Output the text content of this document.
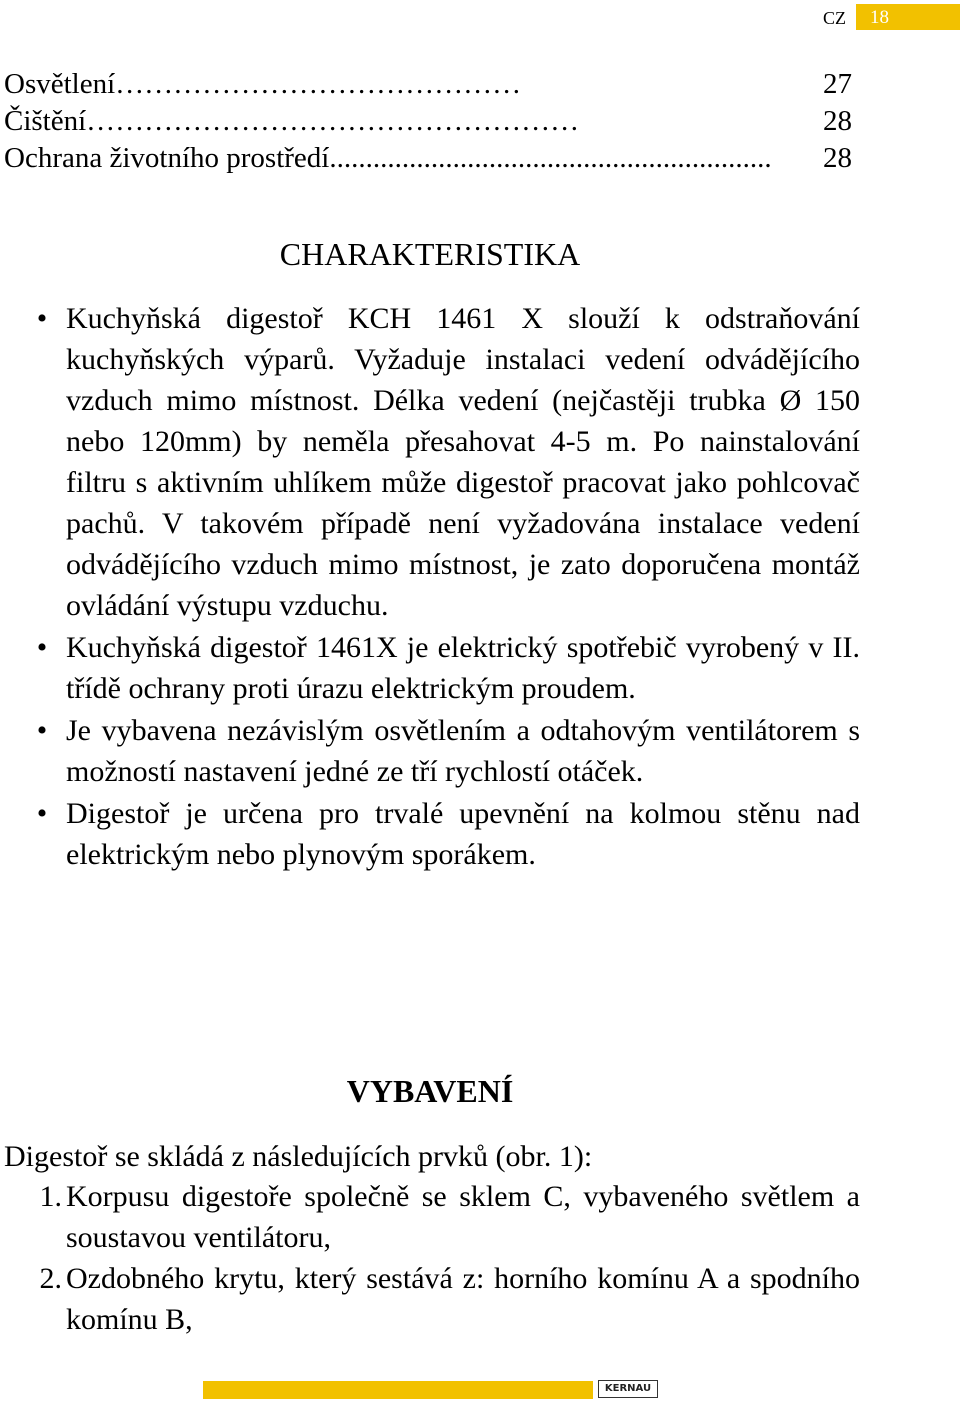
CZ	18
Osvětlení ……………………………………	27
Čištění ……………………………………………	28
Ochrana životního prostředí .............................................................	28
CHARAKTERISTIKA
• Kuchyňská digestoř KCH 1461 X slouží k odstraňování kuchyňských výparů. Vyžaduje instalaci vedení odvádějícího vzduch mimo místnost. Délka vedení (nejčastěji trubka Ø 150 nebo 120mm) by neměla přesahovat 4-5 m. Po nainstalování filtru s aktivním uhlíkem může digestoř pracovat jako pohlcovač pachů. V takovém případě není vyžadována instalace vedení odvádějícího vzduch mimo místnost, je zato doporučena montáž ovládání výstupu vzduchu.
• Kuchyňská digestoř 1461X je elektrický spotřebič vyrobený v II. třídě ochrany proti úrazu elektrickým proudem.
• Je vybavena nezávislým osvětlením a odtahovým ventilátorem s možností nastavení jedné ze tří rychlostí otáček.
• Digestoř je určena pro trvalé upevnění na kolmou stěnu nad elektrickým nebo plynovým sporákem.
VYBAVENÍ
Digestoř se skládá z následujících prvků (obr. 1):
1. Korpusu digestoře společně se sklem C, vybaveného světlem a soustavou ventilátoru,
2. Ozdobného krytu, který sestává z: horního komínu A a spodního komínu B,
KERNAU
